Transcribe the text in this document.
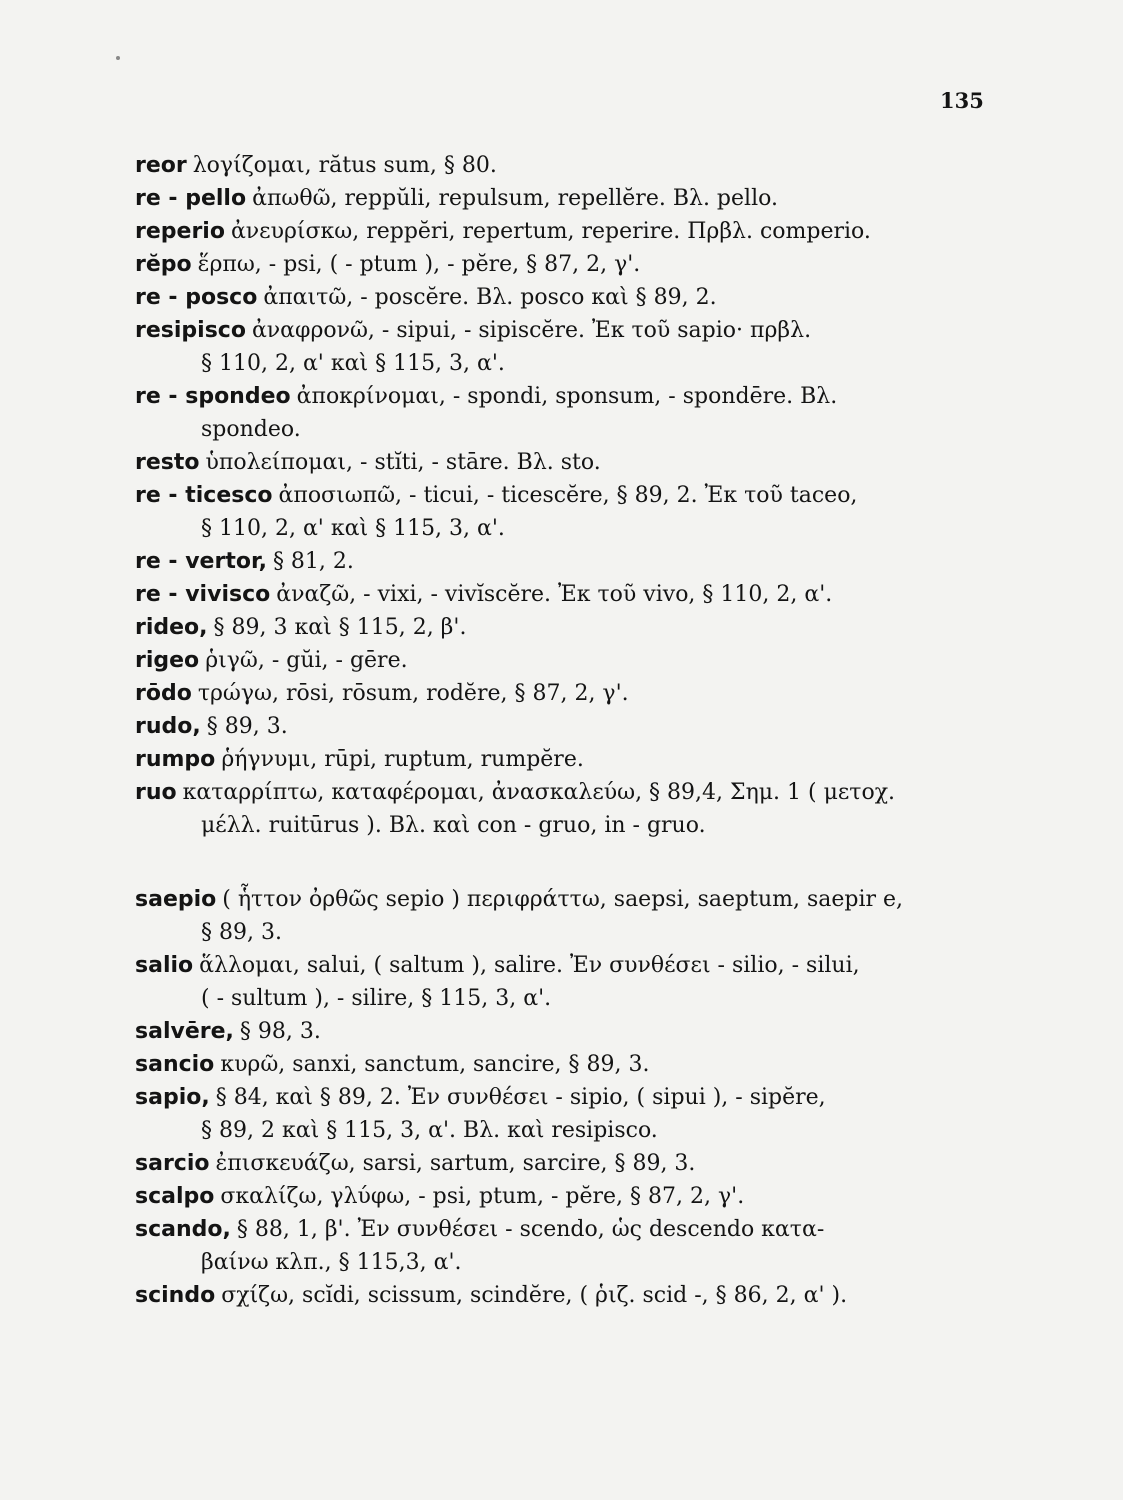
135
reor λογίζομαι, rătus sum, § 80.
re - pello ἀπωθῶ, reppŭli, repulsum, repellĕre. Βλ. pello.
reperio ἀνευρίσκω, reppĕri, repertum, reperire. Πρβλ. comperio.
rĕpo ἕρπω, - psi, ( - ptum ), - pĕre, § 87, 2, γ'.
re - posco ἀπαιτῶ, - poscĕre. Βλ. posco καὶ § 89, 2.
resipisco ἀναφρονῶ, - sipui, - sipiscĕre. Ἐκ τοῦ sapio· πρβλ.
§ 110, 2, α' καὶ § 115, 3, α'.
re - spondeo ἀποκρίνομαι, - spondi, sponsum, - spondēre. Βλ.
spondeo.
resto ὑπολείπομαι, - stĭti, - stāre. Βλ. sto.
re - ticesco ἀποσιωπῶ, - ticui, - ticescĕre, § 89, 2. Ἐκ τοῦ taceo,
§ 110, 2, α' καὶ § 115, 3, α'.
re - vertor, § 81, 2.
re - vivisco ἀναζῶ, - vixi, - vivĭscĕre. Ἐκ τοῦ vivo, § 110, 2, α'.
rideo, § 89, 3 καὶ § 115, 2, β'.
rigeo ῥιγῶ, - gŭi, - gēre.
rōdo τρώγω, rōsi, rōsum, rodĕre, § 87, 2, γ'.
rudo, § 89, 3.
rumpo ῥήγνυμι, rūpi, ruptum, rumpĕre.
ruo καταρρίπτω, καταφέρομαι, ἀνασκαλεύω, § 89,4, Σημ. 1 ( μετοχ.
μέλλ. ruitūrus ). Βλ. καὶ con - gruo, in - gruo.
saepio ( ἧττον ὀρθῶς sepio ) περιφράττω, saepsi, saeptum, saepir e,
§ 89, 3.
salio ἅλλομαι, salui, ( saltum ), salire. Ἐν συνθέσει - silio, - silui,
( - sultum ), - silire, § 115, 3, α'.
salvēre, § 98, 3.
sancio κυρῶ, sanxi, sanctum, sancire, § 89, 3.
sapio, § 84, καὶ § 89, 2. Ἐν συνθέσει - sipio, ( sipui ), - sipĕre,
§ 89, 2 καὶ § 115, 3, α'. Βλ. καὶ resipisco.
sarcio ἐπισκευάζω, sarsi, sartum, sarcire, § 89, 3.
scalpo σκαλίζω, γλύφω, - psi, ptum, - pĕre, § 87, 2, γ'.
scando, § 88, 1, β'. Ἐν συνθέσει - scendo, ὡς descendo κατα-
βαίνω κλπ., § 115,3, α'.
scindo σχίζω, scĭdi, scissum, scindĕre, ( ῥιζ. scid -, § 86, 2, α' ).
